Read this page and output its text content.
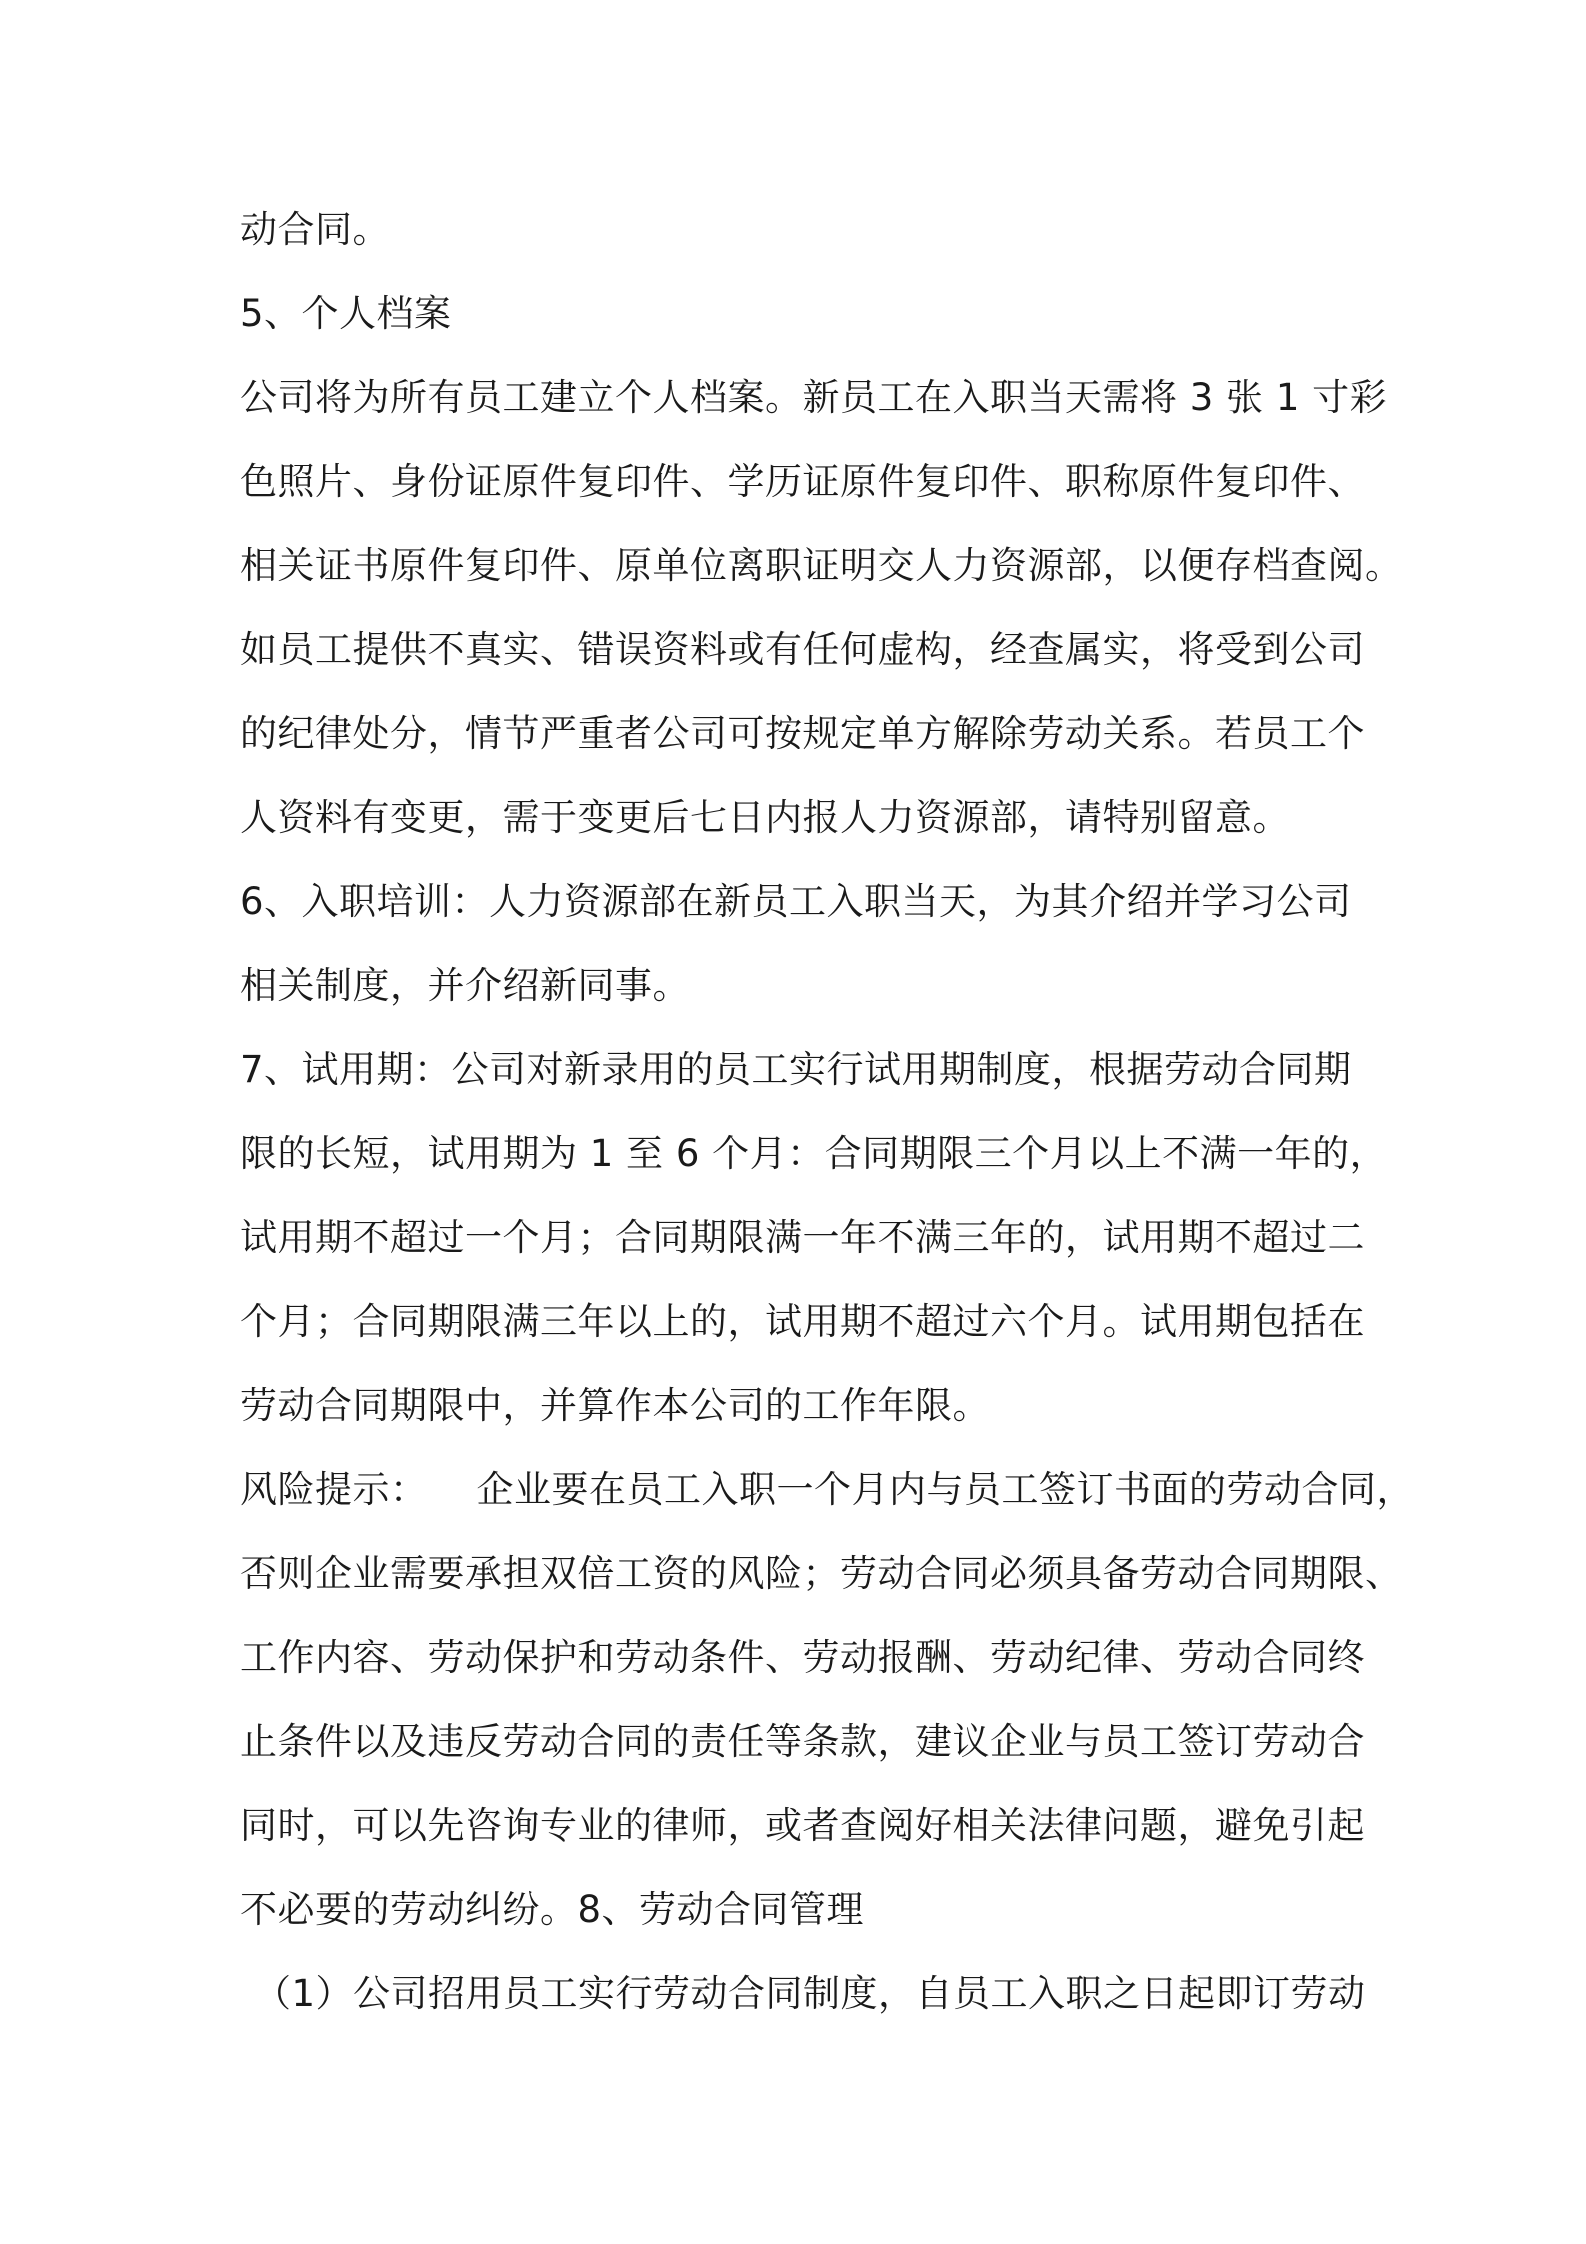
动合同。
5、个人档案
公司将为所有员工建立个人档案。新员工在入职当天需将 3 张 1 寸彩
色照片、身份证原件复印件、学历证原件复印件、职称原件复印件、
相关证书原件复印件、原单位离职证明交人力资源部，以便存档查阅。
如员工提供不真实、错误资料或有任何虚构，经查属实，将受到公司
的纪律处分，情节严重者公司可按规定单方解除劳动关系。若员工个
人资料有变更，需于变更后七日内报人力资源部，请特别留意。
6、入职培训：人力资源部在新员工入职当天，为其介绍并学习公司
相关制度，并介绍新同事。
7、试用期：公司对新录用的员工实行试用期制度，根据劳动合同期
限的长短，试用期为 1 至 6 个月：合同期限三个月以上不满一年的，
试用期不超过一个月；合同期限满一年不满三年的，试用期不超过二
个月；合同期限满三年以上的，试用期不超过六个月。试用期包括在
劳动合同期限中，并算作本公司的工作年限。
风险提示：    企业要在员工入职一个月内与员工签订书面的劳动合同，
否则企业需要承担双倍工资的风险；劳动合同必须具备劳动合同期限、
工作内容、劳动保护和劳动条件、劳动报酬、劳动纪律、劳动合同终
止条件以及违反劳动合同的责任等条款，建议企业与员工签订劳动合
同时，可以先咨询专业的律师，或者查阅好相关法律问题，避免引起
不必要的劳动纠纷。8、劳动合同管理
（1）公司招用员工实行劳动合同制度，自员工入职之日起即订劳动
